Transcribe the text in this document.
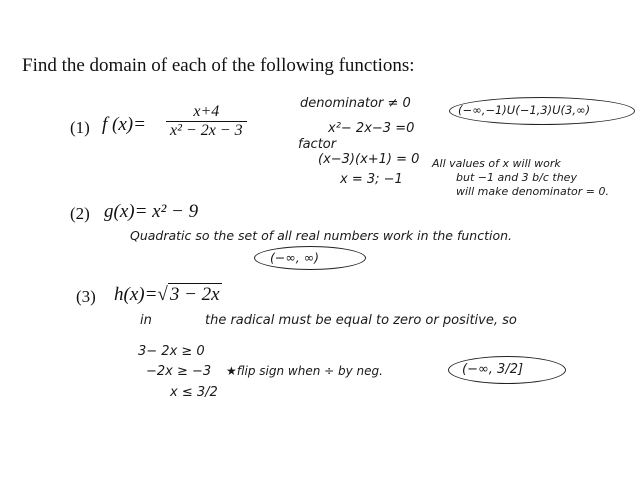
Find the domain of each of the following functions:
(1) f $(x)= \frac{x+4}{\text{x² − 2x − 3}}$	denominator ≠ 0	(−∞,−1)U(−1,3)U(3,∞)
x²− 2x−3 =0
factor
(x−3)(x+1) = 0
x = 3; −1
All values of x will work
but −1 and 3 b/c they
will make denominator = 0.
(2) g(x)= x² − 9
Quadratic so the set of all real numbers work in the function.
(−∞, ∞)
(3) h(x)=√ 3 − 2x
in	the radical must be equal to zero or positive, so
3− 2x ≥ 0
−2x ≥ −3 ★flip sign when ÷ by neg.
x ≤ 3/2
(−∞, 3/2]
